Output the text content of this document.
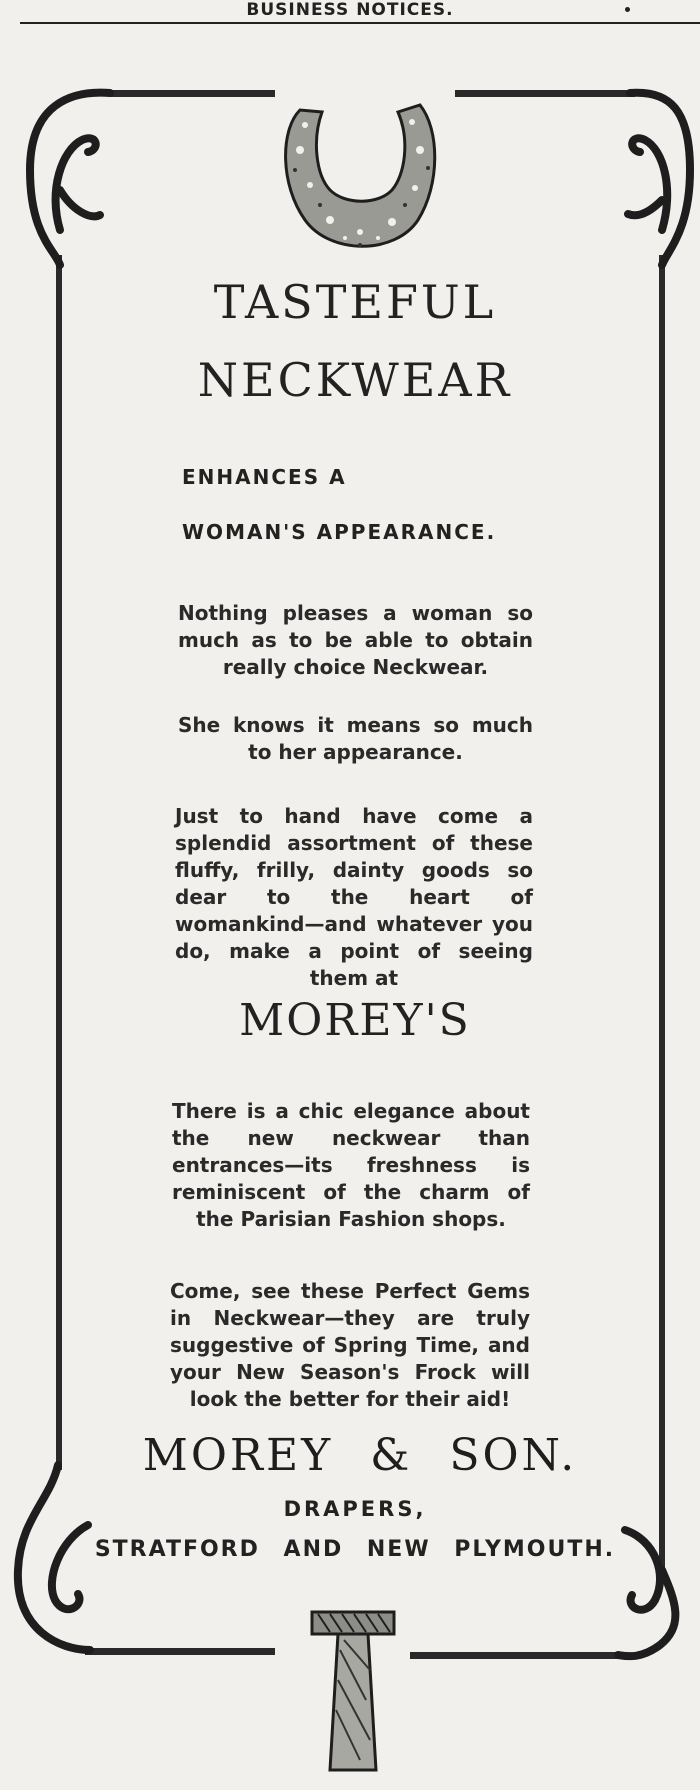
BUSINESS NOTICES.
TASTEFUL
NECKWEAR
ENHANCES A
WOMAN'S APPEARANCE.
Nothing pleases a woman so much as to be able to obtain really choice Neckwear.
She knows it means so much to her appearance.
Just to hand have come a splendid assortment of these fluffy, frilly, dainty goods so dear to the heart of womankind—and whatever you do, make a point of seeing them at
MOREY'S
There is a chic elegance about the new neckwear than entrances—its freshness is reminiscent of the charm of the Parisian Fashion shops.
Come, see these Perfect Gems in Neckwear—they are truly suggestive of Spring Time, and your New Season's Frock will look the better for their aid!
MOREY & SON.
DRAPERS,
STRATFORD AND NEW PLYMOUTH.
